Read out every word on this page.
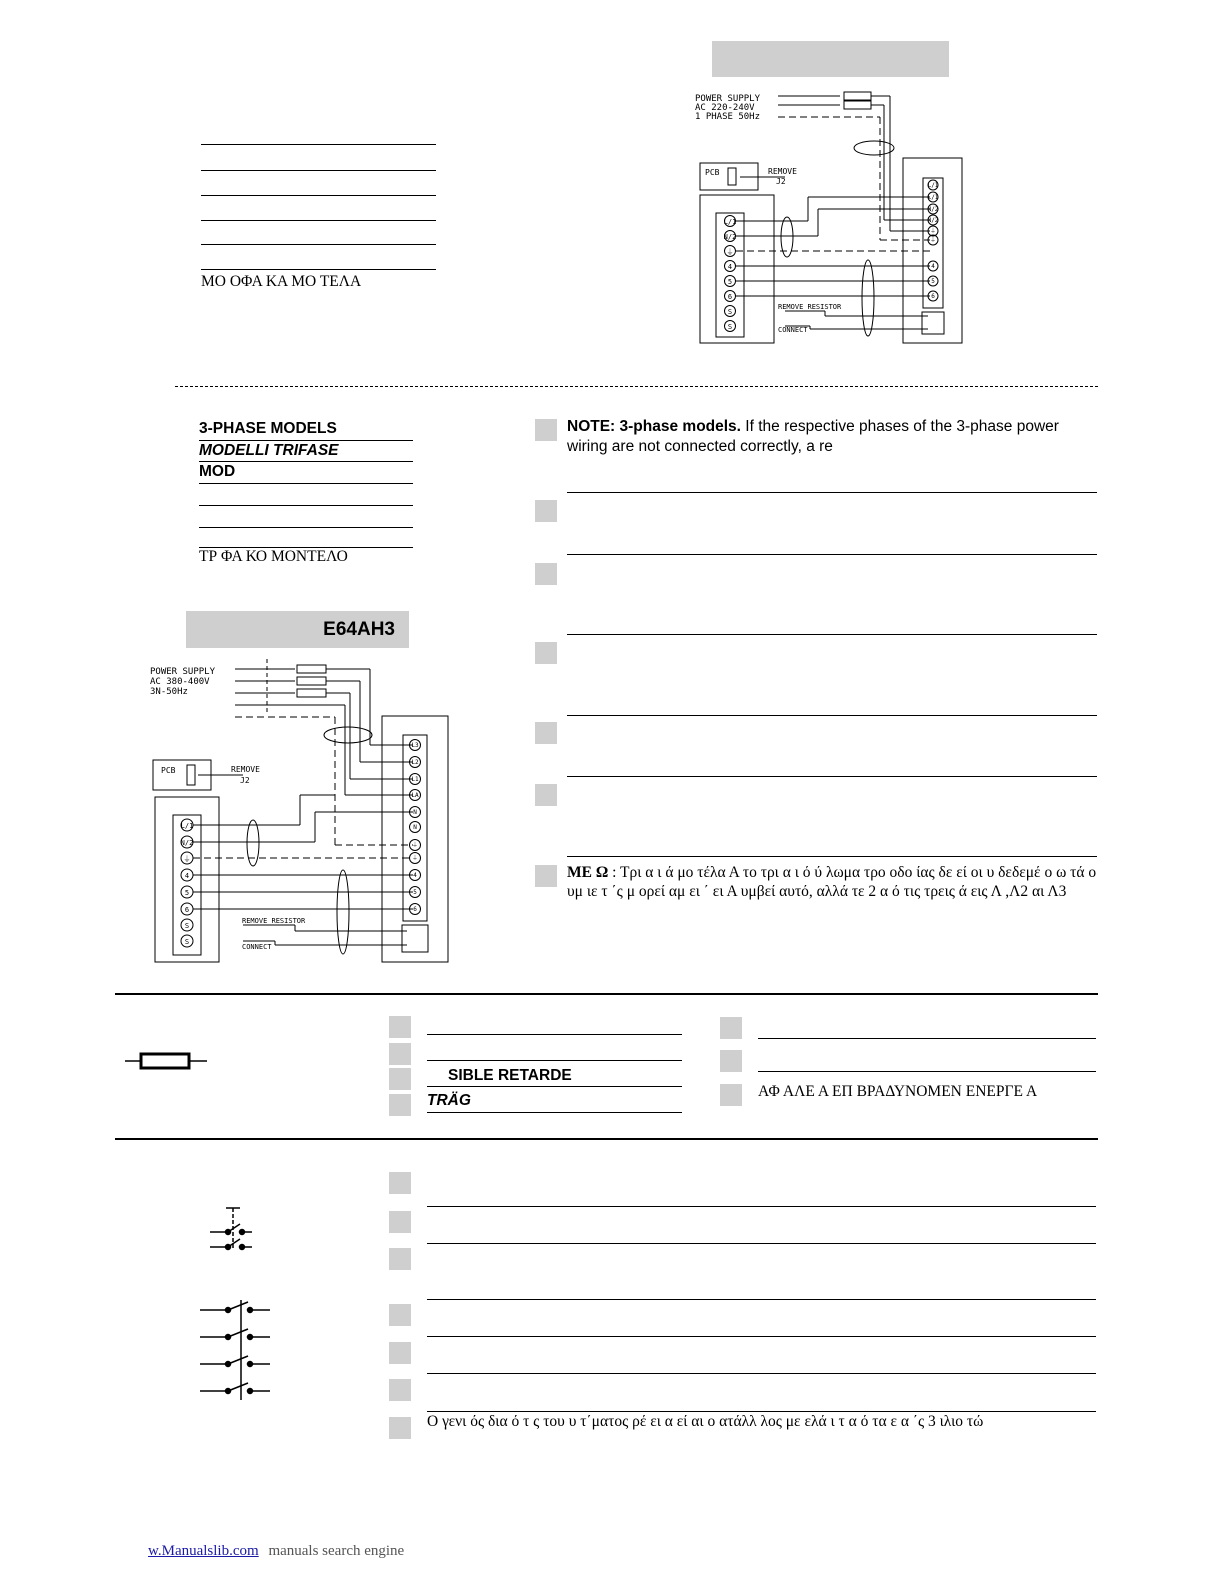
ΜΟ ΟΦΑ ΚΑ ΜΟ ΤΕΛΑ
POWER SUPPLY
AC 220-240V
1 PHASE 50Hz
PCB	REMOVE
J2
REMOVE RESISTOR
CONNECT
L/1
N/2
⏚
4
5
6
S
S
L/1
L/1
N/2
N/2
⏚
⏚
4
5
6
3-PHASE MODELS
MODELLI TRIFASE
MOD
ΤΡ ΦΑ ΚΟ ΜΟΝΤΕΛΟ
E64AH3
POWER SUPPLY
AC 380-400V
3N-50Hz
PCB	REMOVE
J2
REMOVE RESISTOR
CONNECT
L/1
N/2
⏚
4
5
6
S
S
L3
L2
L1
LA
N
N
⏚
⏚
4
5
6
NOTE: 3-phase models. If the respective phases of the 3-phase power wiring are not connected correctly, a re
ΜΕ Ω : Τρι α ι ά μο τέλα Α το τρι α ι ό ύ λωμα τρο οδο ίας δε εί οι υ δεδεμέ ο ω τά ο υμ ιε τ ΄ς μ ορεί αμ ει ΄ ει Α υμβεί αυτό, αλλά τε 2 α ό τις τρεις ά εις Λ ,Λ2 αι Λ3
SIBLE RETARDE
TRÄG
ΑΦ ΑΛΕ Α ΕΠ ΒΡΑΔΥΝΟΜΕΝ ΕΝΕΡΓΕ Α
Ο γενι ός δια ό τ ς του υ τ΄ματος ρέ ει α εί αι ο ατάλλ λος με ελά ι τ α ό τα ε α ΄ς 3 ιλιο τώ
w.Manualslib.com manuals search engine
